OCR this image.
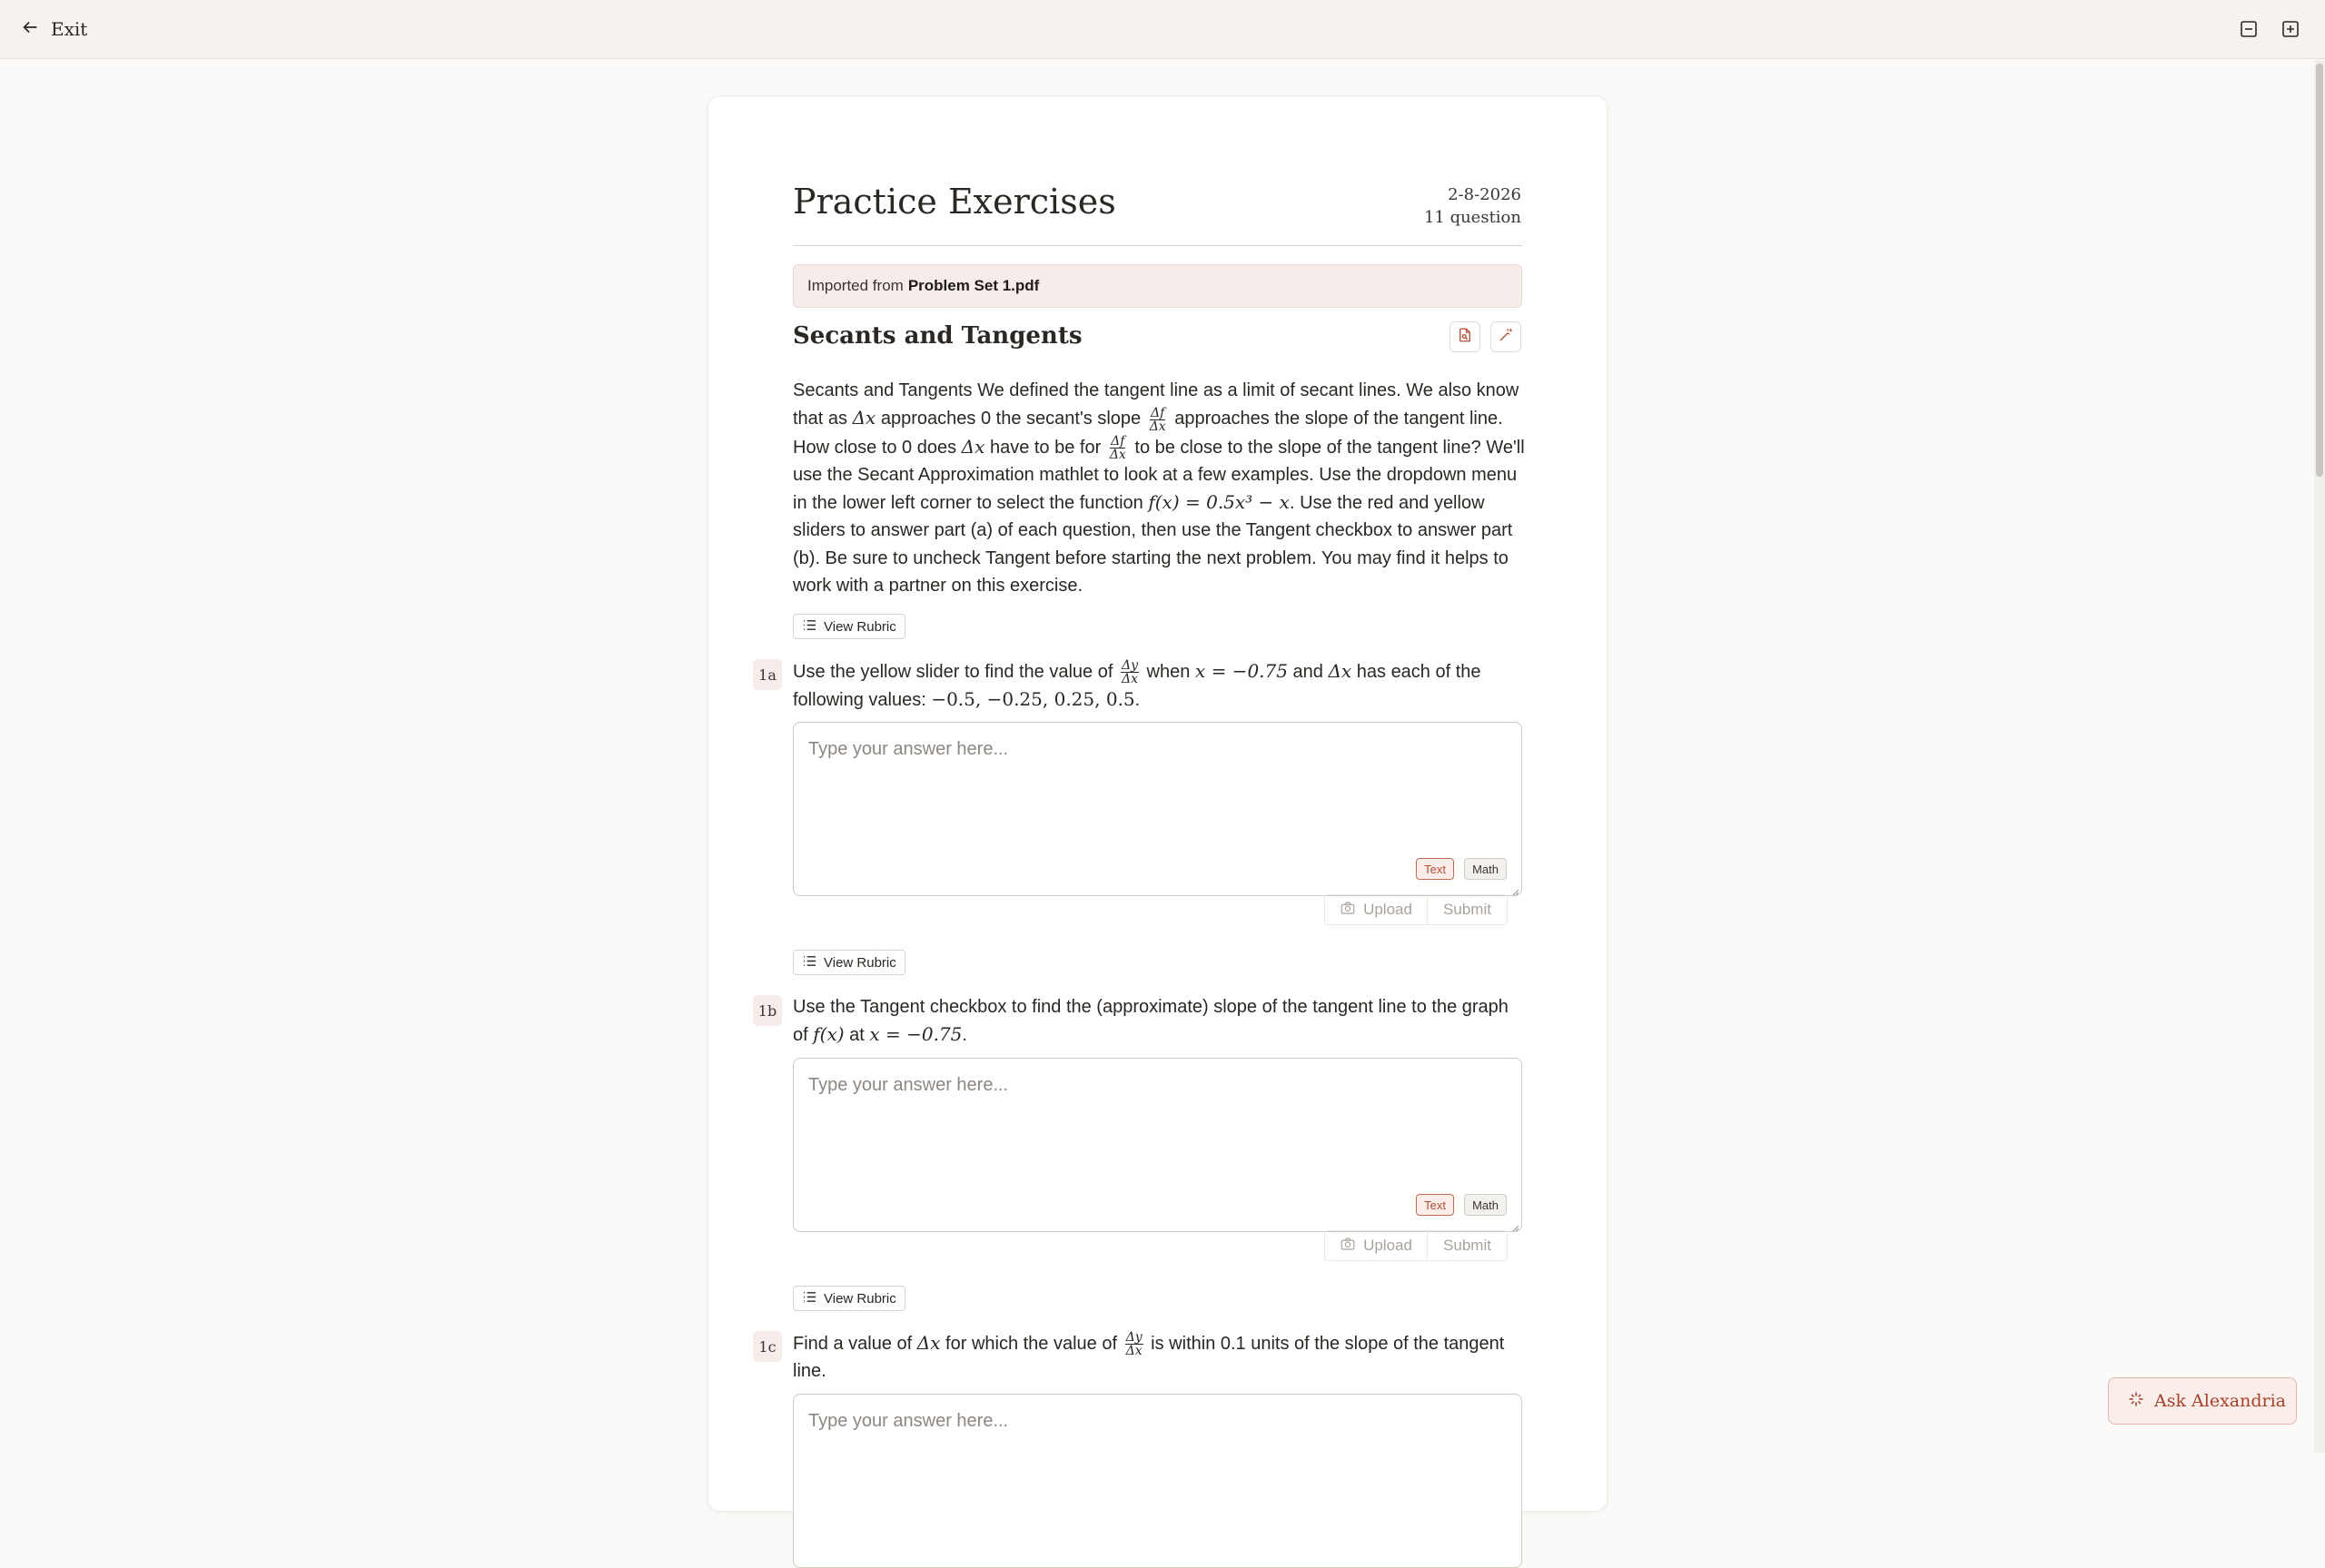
Exit
Practice Exercises	2-8-2026
11 question
Imported from Problem Set 1.pdf
Secants and Tangents
Secants and Tangents We defined the tangent line as a limit of secant lines. We also know that as Δx approaches 0 the secant's slope $\frac{\Delta f}{\Delta x}$ approaches the slope of the tangent line. How close to 0 does Δx have to be for $\frac{\Delta f}{\Delta x}$ to be close to the slope of the tangent line? We'll use the Secant Approximation mathlet to look at a few examples. Use the dropdown menu in the lower left corner to select the function f(x) = 0.5x³ − x. Use the red and yellow sliders to answer part (a) of each question, then use the Tangent checkbox to answer part (b). Be sure to uncheck Tangent before starting the next problem. You may find it helps to work with a partner on this exercise.
View Rubric
1a Use the yellow slider to find the value of $\frac{\Delta y}{\Delta x}$ when x = −0.75 and Δx has each of the following values: −0.5, −0.25, 0.25, 0.5.
Type your answer here...
Text	Math
Upload	Submit
View Rubric
1b Use the Tangent checkbox to find the (approximate) slope of the tangent line to the graph of f(x) at x = −0.75.
Type your answer here...
Text	Math
Upload	Submit
View Rubric
1c Find a value of Δx for which the value of $\frac{\Delta y}{\Delta x}$ is within 0.1 units of the slope of the tangent line.
Type your answer here...
Ask Alexandria
